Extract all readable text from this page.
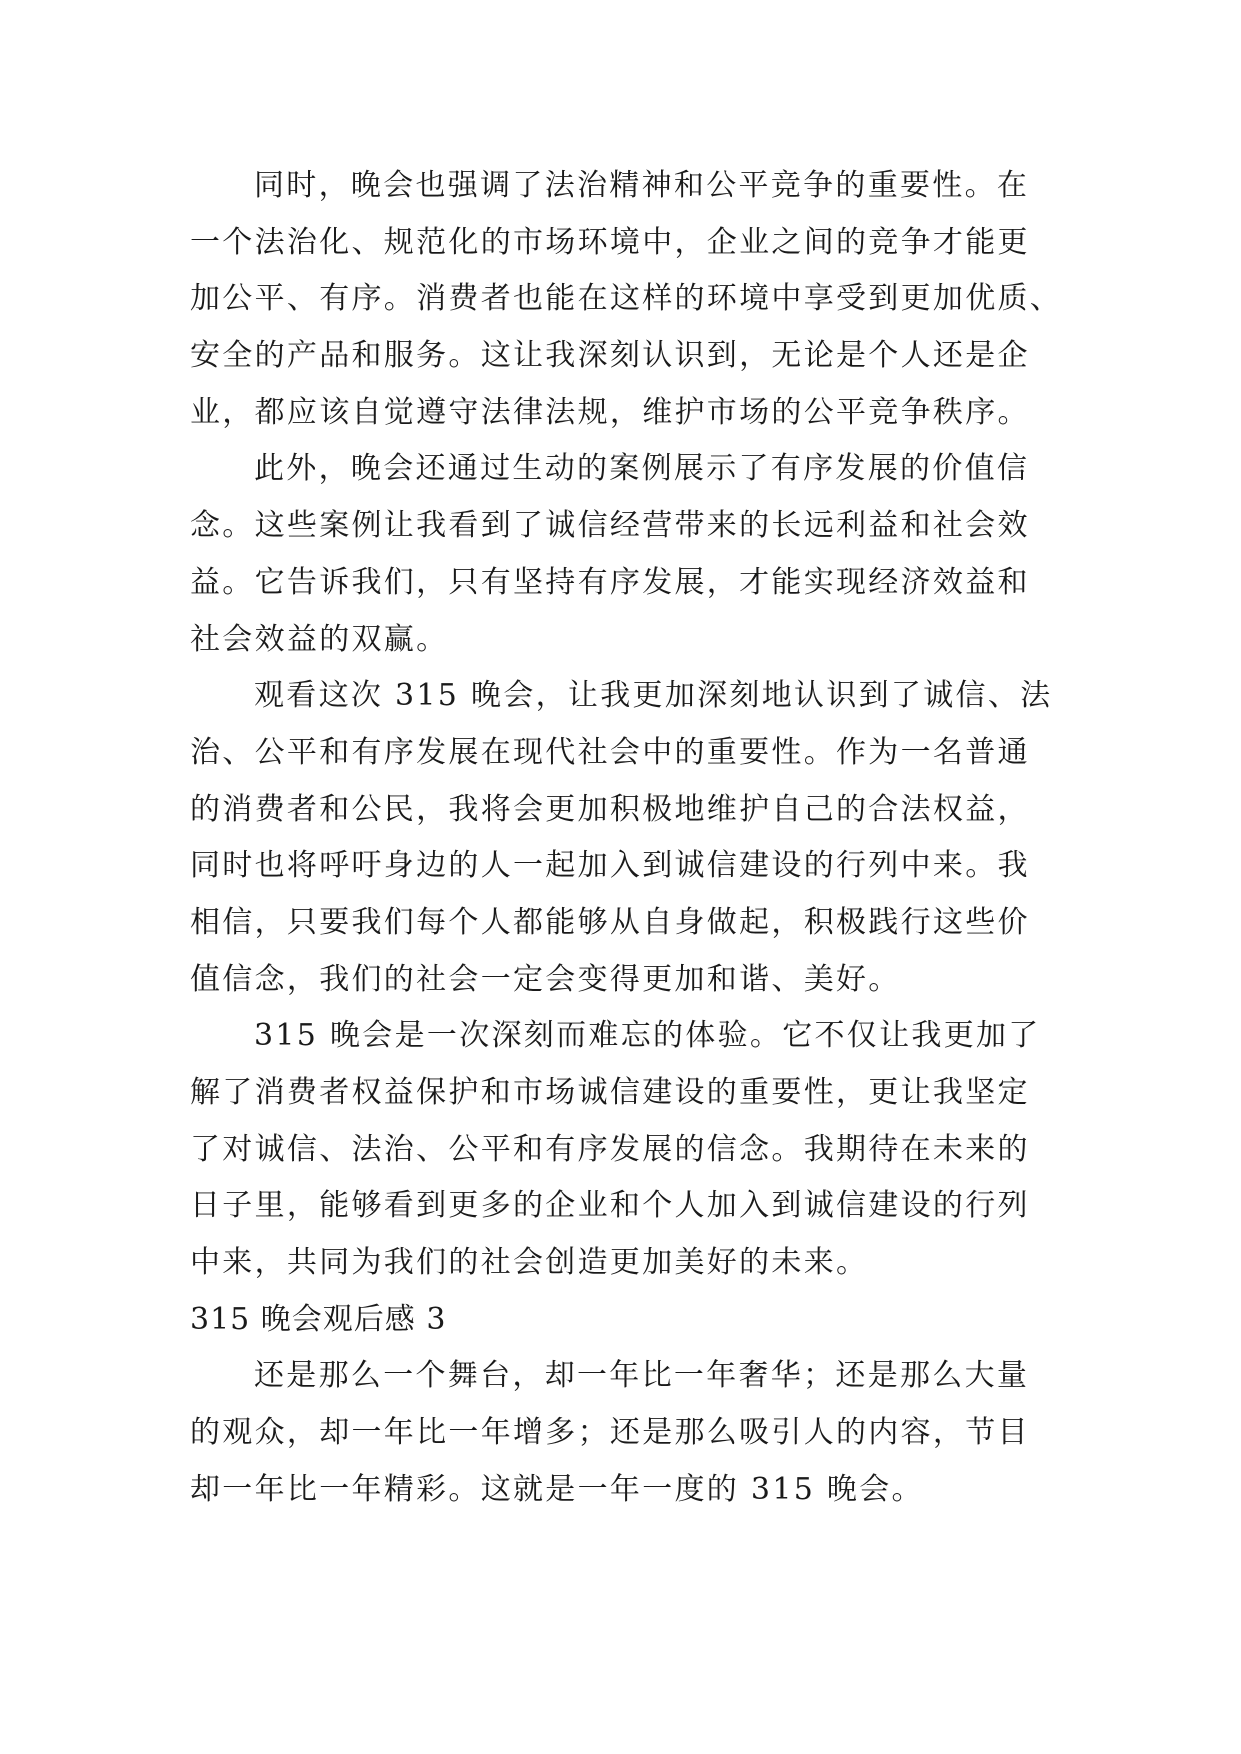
同时，晚会也强调了法治精神和公平竞争的重要性。在
一个法治化、规范化的市场环境中，企业之间的竞争才能更
加公平、有序。消费者也能在这样的环境中享受到更加优质、
安全的产品和服务。这让我深刻认识到，无论是个人还是企
业，都应该自觉遵守法律法规，维护市场的公平竞争秩序。
此外，晚会还通过生动的案例展示了有序发展的价值信
念。这些案例让我看到了诚信经营带来的长远利益和社会效
益。它告诉我们，只有坚持有序发展，才能实现经济效益和
社会效益的双赢。
观看这次 315 晚会，让我更加深刻地认识到了诚信、法
治、公平和有序发展在现代社会中的重要性。作为一名普通
的消费者和公民，我将会更加积极地维护自己的合法权益，
同时也将呼吁身边的人一起加入到诚信建设的行列中来。我
相信，只要我们每个人都能够从自身做起，积极践行这些价
值信念，我们的社会一定会变得更加和谐、美好。
315 晚会是一次深刻而难忘的体验。它不仅让我更加了
解了消费者权益保护和市场诚信建设的重要性，更让我坚定
了对诚信、法治、公平和有序发展的信念。我期待在未来的
日子里，能够看到更多的企业和个人加入到诚信建设的行列
中来，共同为我们的社会创造更加美好的未来。
315 晚会观后感 3
还是那么一个舞台，却一年比一年奢华；还是那么大量
的观众，却一年比一年增多；还是那么吸引人的内容，节目
却一年比一年精彩。这就是一年一度的 315 晚会。
